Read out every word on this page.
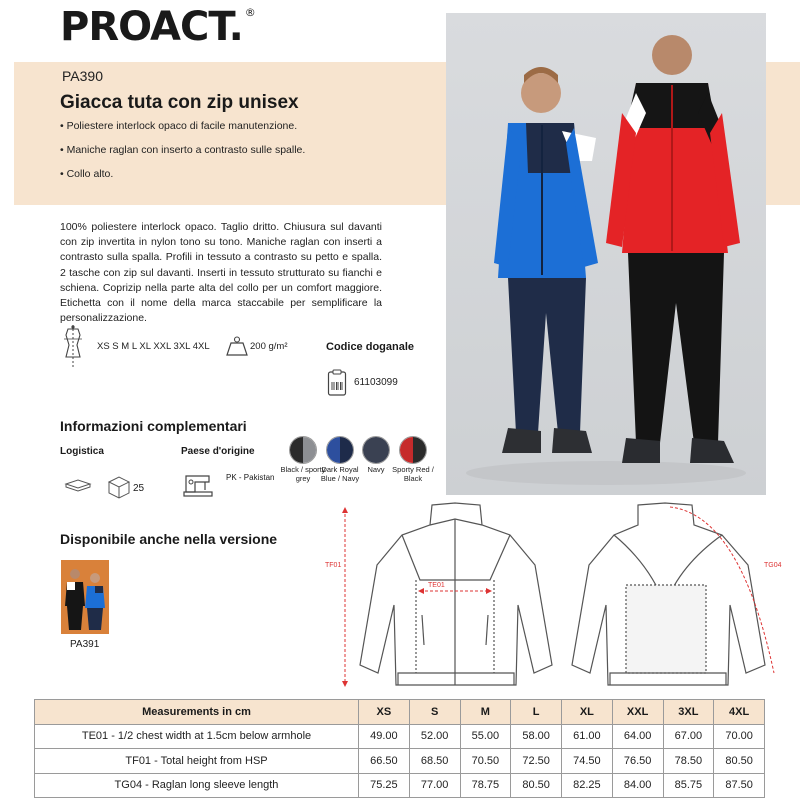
PROACT. ®
PA390
Giacca tuta con zip unisex
• Poliestere interlock opaco di facile manutenzione.
• Maniche raglan con inserto a contrasto sulle spalle.
• Collo alto.
100% poliestere interlock opaco. Taglio dritto. Chiusura sul davanti con zip invertita in nylon tono su tono. Maniche raglan con inserti a contrasto sulla spalla. Profili in tessuto a contrasto su petto e spalla. 2 tasche con zip sul davanti. Inserti in tessuto strutturato su fianchi e schiena. Coprizip nella parte alta del collo per un comfort maggiore. Etichetta con il nome della marca staccabile per semplificare la personalizzazione.
XS S M L XL XXL 3XL 4XL	200 g/m²	Codice doganale
61103099
Informazioni complementari
Logistica
25
Paese d'origine
PK - Pakistan
Black / sporty grey
Dark Royal Blue / Navy
Navy	Sporty Red / Black
Disponibile anche nella versione
PA391
TF01
TE01
TG04
Measurements in cm	XS	S	M	L	XL	XXL	3XL	4XL
TE01 - 1/2 chest width at 1.5cm below armhole	49.00	52.00	55.00	58.00	61.00	64.00	67.00	70.00
TF01 - Total height from HSP	66.50	68.50	70.50	72.50	74.50	76.50	78.50	80.50
TG04 - Raglan long sleeve length	75.25	77.00	78.75	80.50	82.25	84.00	85.75	87.50
